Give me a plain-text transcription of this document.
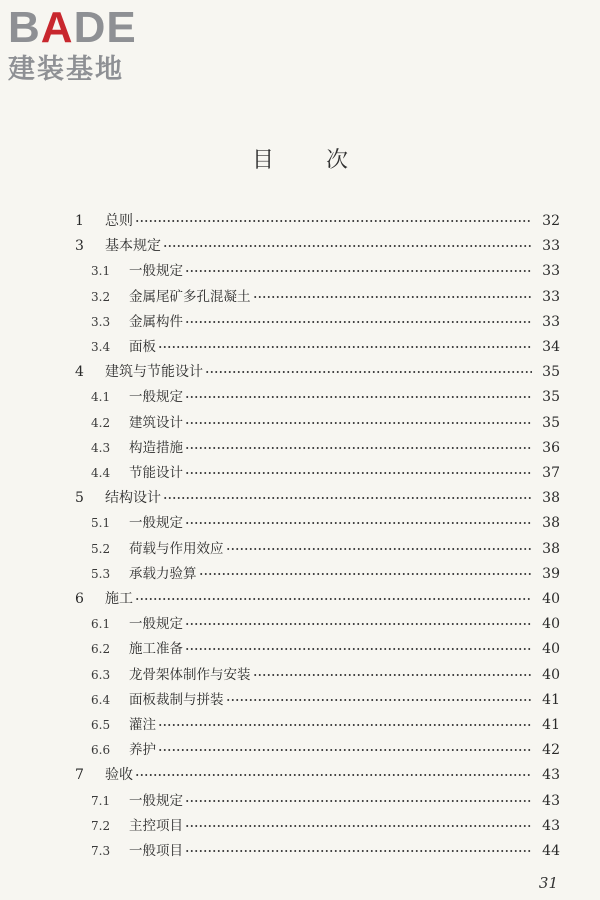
BADE
建装基地
目次
1	总则	32
3	基本规定	33
3.1	一般规定	33
3.2	金属尾矿多孔混凝土	33
3.3	金属构件	33
3.4	面板	34
4	建筑与节能设计	35
4.1	一般规定	35
4.2	建筑设计	35
4.3	构造措施	36
4.4	节能设计	37
5	结构设计	38
5.1	一般规定	38
5.2	荷载与作用效应	38
5.3	承载力验算	39
6	施工	40
6.1	一般规定	40
6.2	施工准备	40
6.3	龙骨架体制作与安装	40
6.4	面板裁制与拼装	41
6.5	灌注	41
6.6	养护	42
7	验收	43
7.1	一般规定	43
7.2	主控项目	43
7.3	一般项目	44
31
